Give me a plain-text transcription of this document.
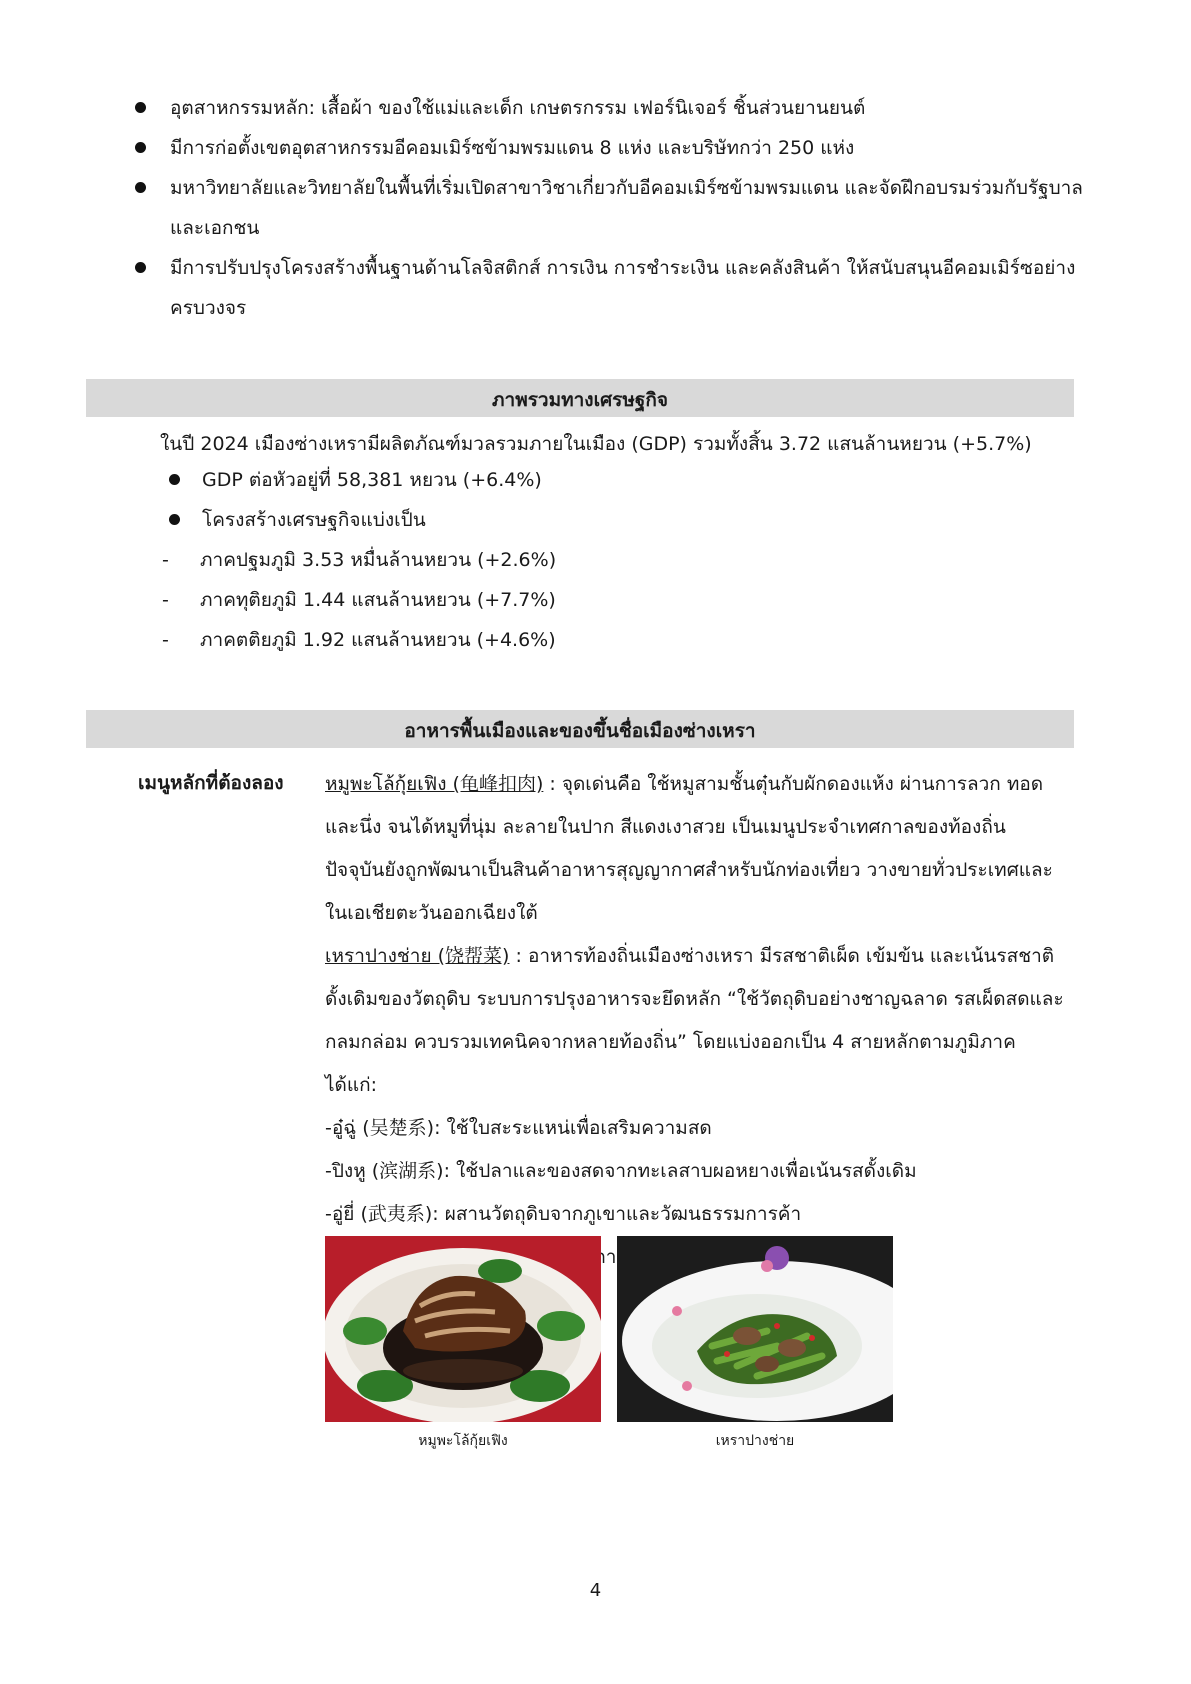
อุตสาหกรรมหลัก: เสื้อผ้า ของใช้แม่และเด็ก เกษตรกรรม เฟอร์นิเจอร์ ชิ้นส่วนยานยนต์
มีการก่อตั้งเขตอุตสาหกรรมอีคอมเมิร์ซข้ามพรมแดน 8 แห่ง และบริษัทกว่า 250 แห่ง
มหาวิทยาลัยและวิทยาลัยในพื้นที่เริ่มเปิดสาขาวิชาเกี่ยวกับอีคอมเมิร์ซข้ามพรมแดน และจัดฝึกอบรมร่วมกับรัฐบาลและเอกชน
มีการปรับปรุงโครงสร้างพื้นฐานด้านโลจิสติกส์ การเงิน การชำระเงิน และคลังสินค้า ให้สนับสนุนอีคอมเมิร์ซอย่างครบวงจร
ภาพรวมทางเศรษฐกิจ

ในปี 2024 เมืองซ่างเหรามีผลิตภัณฑ์มวลรวมภายในเมือง (GDP) รวมทั้งสิ้น 3.72 แสนล้านหยวน (+5.7%)

GDP ต่อหัวอยู่ที่ 58,381 หยวน (+6.4%)
โครงสร้างเศรษฐกิจแบ่งเป็น
- ภาคปฐมภูมิ 3.53 หมื่นล้านหยวน (+2.6%)
- ภาคทุติยภูมิ 1.44 แสนล้านหยวน (+7.7%)
- ภาคตติยภูมิ 1.92 แสนล้านหยวน (+4.6%)
อาหารพื้นเมืองและของขึ้นชื่อเมืองซ่างเหรา
เมนูหลักที่ต้องลอง หมูพะโล้กุ้ยเฟิง (龟峰扣肉) : จุดเด่นคือ ใช้หมูสามชั้นตุ๋นกับผักดองแห้ง ผ่านการลวก ทอด และนึ่ง จนได้หมูที่นุ่ม ละลายในปาก สีแดงเงาสวย เป็นเมนูประจำเทศกาลของท้องถิ่น ปัจจุบันยังถูกพัฒนาเป็นสินค้าอาหารสุญญากาศสำหรับนักท่องเที่ยว วางขายทั่วประเทศและในเอเชียตะวันออกเฉียงใต้

เหราปางช่าย (饶帮菜) : อาหารท้องถิ่นเมืองซ่างเหรา มีรสชาติเผ็ด เข้มข้น และเน้นรสชาติดั้งเดิมของวัตถุดิบ ระบบการปรุงอาหารจะยึดหลัก “ใช้วัตถุดิบอย่างชาญฉลาด รสเผ็ดสดและกลมกล่อม ควบรวมเทคนิคจากหลายท้องถิ่น” โดยแบ่งออกเป็น 4 สายหลักตามภูมิภาค ได้แก่:

-อู๋ฉู่ (吴楚系): ใช้ใบสะระแหน่เพื่อเสริมความสด

-ปิงหู (滨湖系): ใช้ปลาและของสดจากทะเลสาบผอหยางเพื่อเน้นรสดั้งเดิม

-อู่ยี่ (武夷系): ผสานวัตถุดิบจากภูเขาและวัฒนธรรมการค้า

สืบทอดเทคนิคการนึ่งของอาหาร

หมูพะโล้กุ้ยเฟิง	เหราปางช่าย
4
